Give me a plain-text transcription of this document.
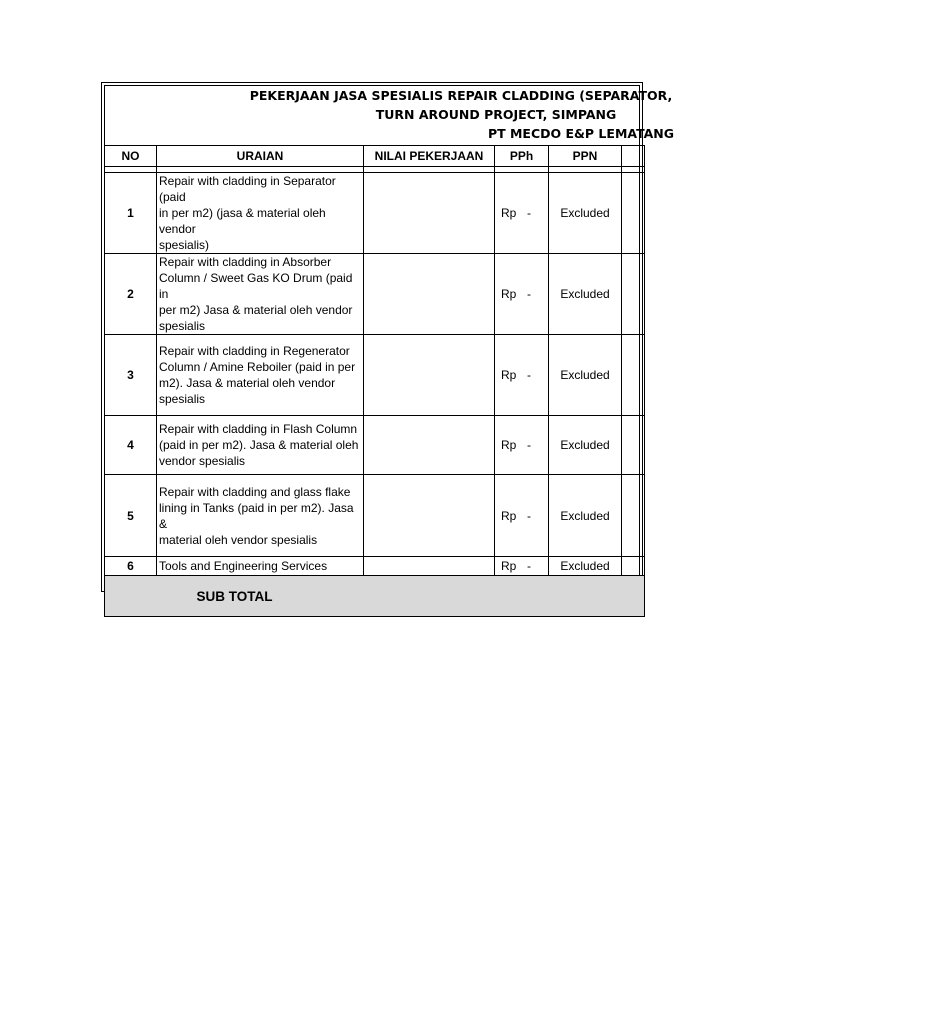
PEKERJAAN JASA SPESIALIS REPAIR CLADDING (SEPARATOR,
TURN AROUND PROJECT, SIMPANG
PT MECDO E&P LEMATANG
NO	URAIAN	NILAI PEKERJAAN	PPh	PPN	

1	Repair with cladding in Separator (paid
in per m2) (jasa & material oleh vendor
spesialis)		Rp -	Excluded	
2	Repair with cladding in Absorber
Column / Sweet Gas KO Drum (paid in
per m2) Jasa & material oleh vendor
spesialis		Rp -	Excluded	
3	Repair with cladding in Regenerator
Column / Amine Reboiler (paid in per
m2). Jasa & material oleh vendor
spesialis		Rp -	Excluded	
4	Repair with cladding in Flash Column
(paid in per m2). Jasa & material oleh
vendor spesialis		Rp -	Excluded	
5	Repair with cladding and glass flake
lining in Tanks (paid in per m2). Jasa &
material oleh vendor spesialis		Rp -	Excluded	
6	Tools and Engineering Services		Rp -	Excluded	
SUB TOTAL					
